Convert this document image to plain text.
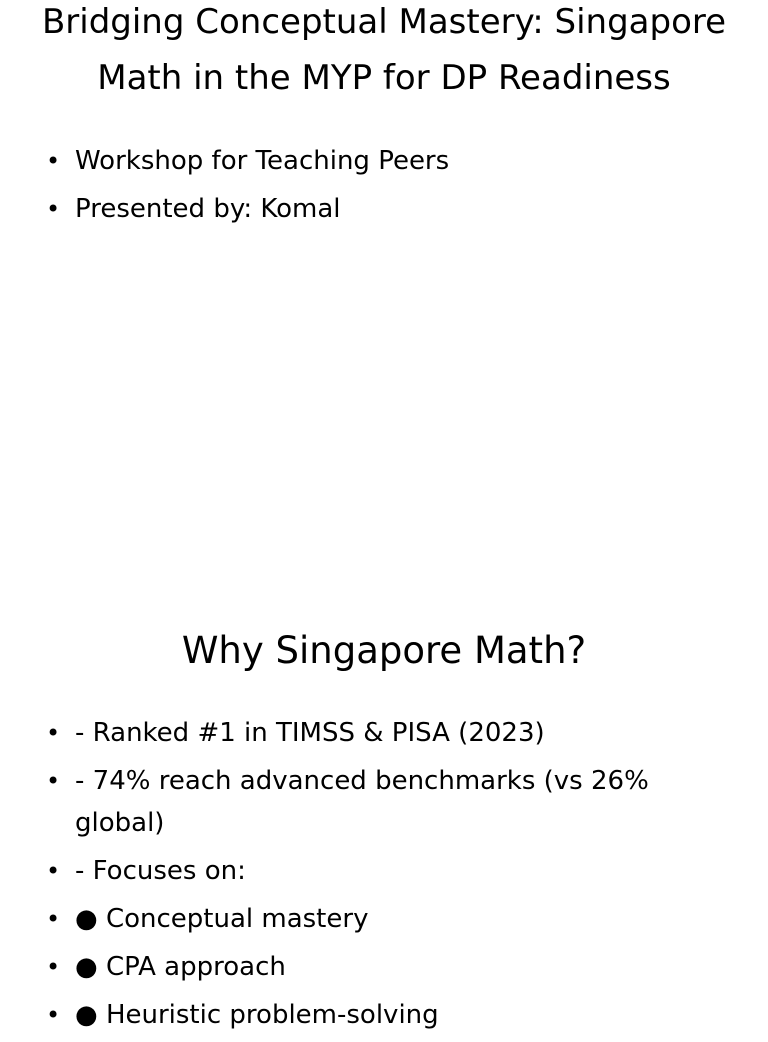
Bridging Conceptual Mastery: Singapore Math in the MYP for DP Readiness
• Workshop for Teaching Peers
• Presented by: Komal
Why Singapore Math?
• - Ranked #1 in TIMSS & PISA (2023)
• - 74% reach advanced benchmarks (vs 26% global)
• - Focuses on:
• ● Conceptual mastery
• ● CPA approach
• ● Heuristic problem-solving
